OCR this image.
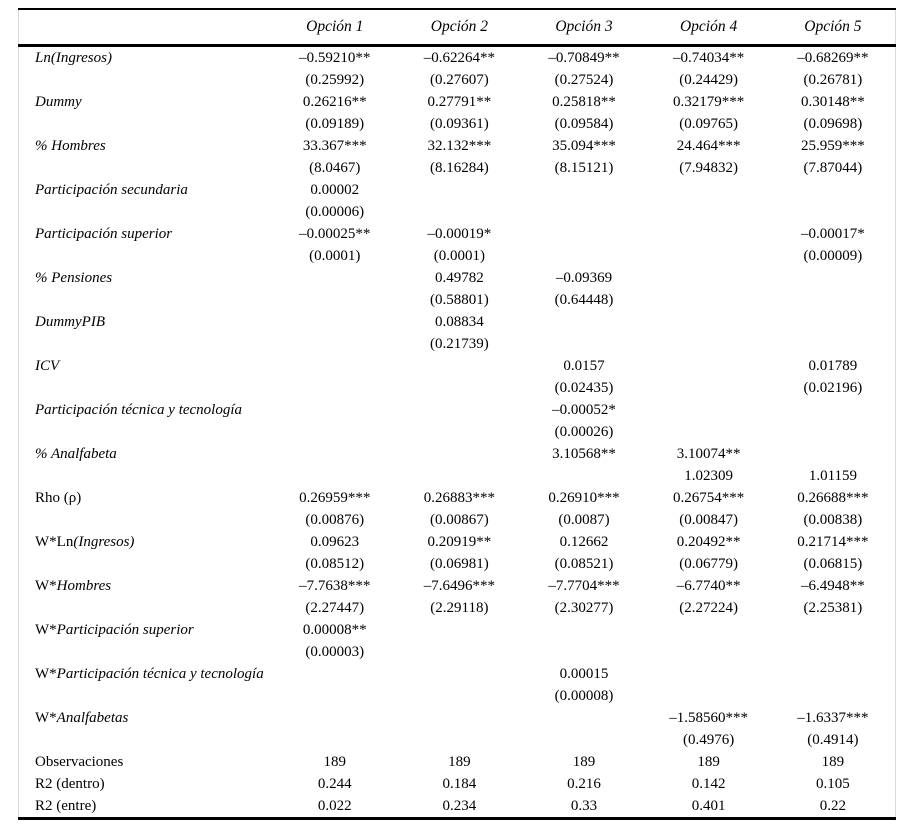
	Opción 1	Opción 2	Opción 3	Opción 4	Opción 5
Ln(Ingresos)	–0.59210**	–0.62264**	–0.70849**	–0.74034**	–0.68269**
	(0.25992)	(0.27607)	(0.27524)	(0.24429)	(0.26781)
Dummy	0.26216**	0.27791**	0.25818**	0.32179***	0.30148**
	(0.09189)	(0.09361)	(0.09584)	(0.09765)	(0.09698)
% Hombres	33.367***	32.132***	35.094***	24.464***	25.959***
	(8.0467)	(8.16284)	(8.15121)	(7.94832)	(7.87044)
Participación secundaria	0.00002				
	(0.00006)				
Participación superior	–0.00025**	–0.00019*			–0.00017*
	(0.0001)	(0.0001)			(0.00009)
% Pensiones		0.49782	–0.09369		
		(0.58801)	(0.64448)		
DummyPIB		0.08834			
		(0.21739)			
ICV			0.0157		0.01789
			(0.02435)		(0.02196)
Participación técnica y tecnología			–0.00052*		
			(0.00026)		
% Analfabeta			3.10568**	3.10074**	
				1.02309	1.01159
Rho (ρ)	0.26959***	0.26883***	0.26910***	0.26754***	0.26688***
	(0.00876)	(0.00867)	(0.0087)	(0.00847)	(0.00838)
W*Ln(Ingresos)	0.09623	0.20919**	0.12662	0.20492**	0.21714***
	(0.08512)	(0.06981)	(0.08521)	(0.06779)	(0.06815)
W*Hombres	–7.7638***	–7.6496***	–7.7704***	–6.7740**	–6.4948**
	(2.27447)	(2.29118)	(2.30277)	(2.27224)	(2.25381)
W*Participación superior	0.00008**				
	(0.00003)				
W*Participación técnica y tecnología			0.00015		
			(0.00008)		
W*Analfabetas				–1.58560***	–1.6337***
				(0.4976)	(0.4914)
Observaciones	189	189	189	189	189
R2 (dentro)	0.244	0.184	0.216	0.142	0.105
R2 (entre)	0.022	0.234	0.33	0.401	0.22
